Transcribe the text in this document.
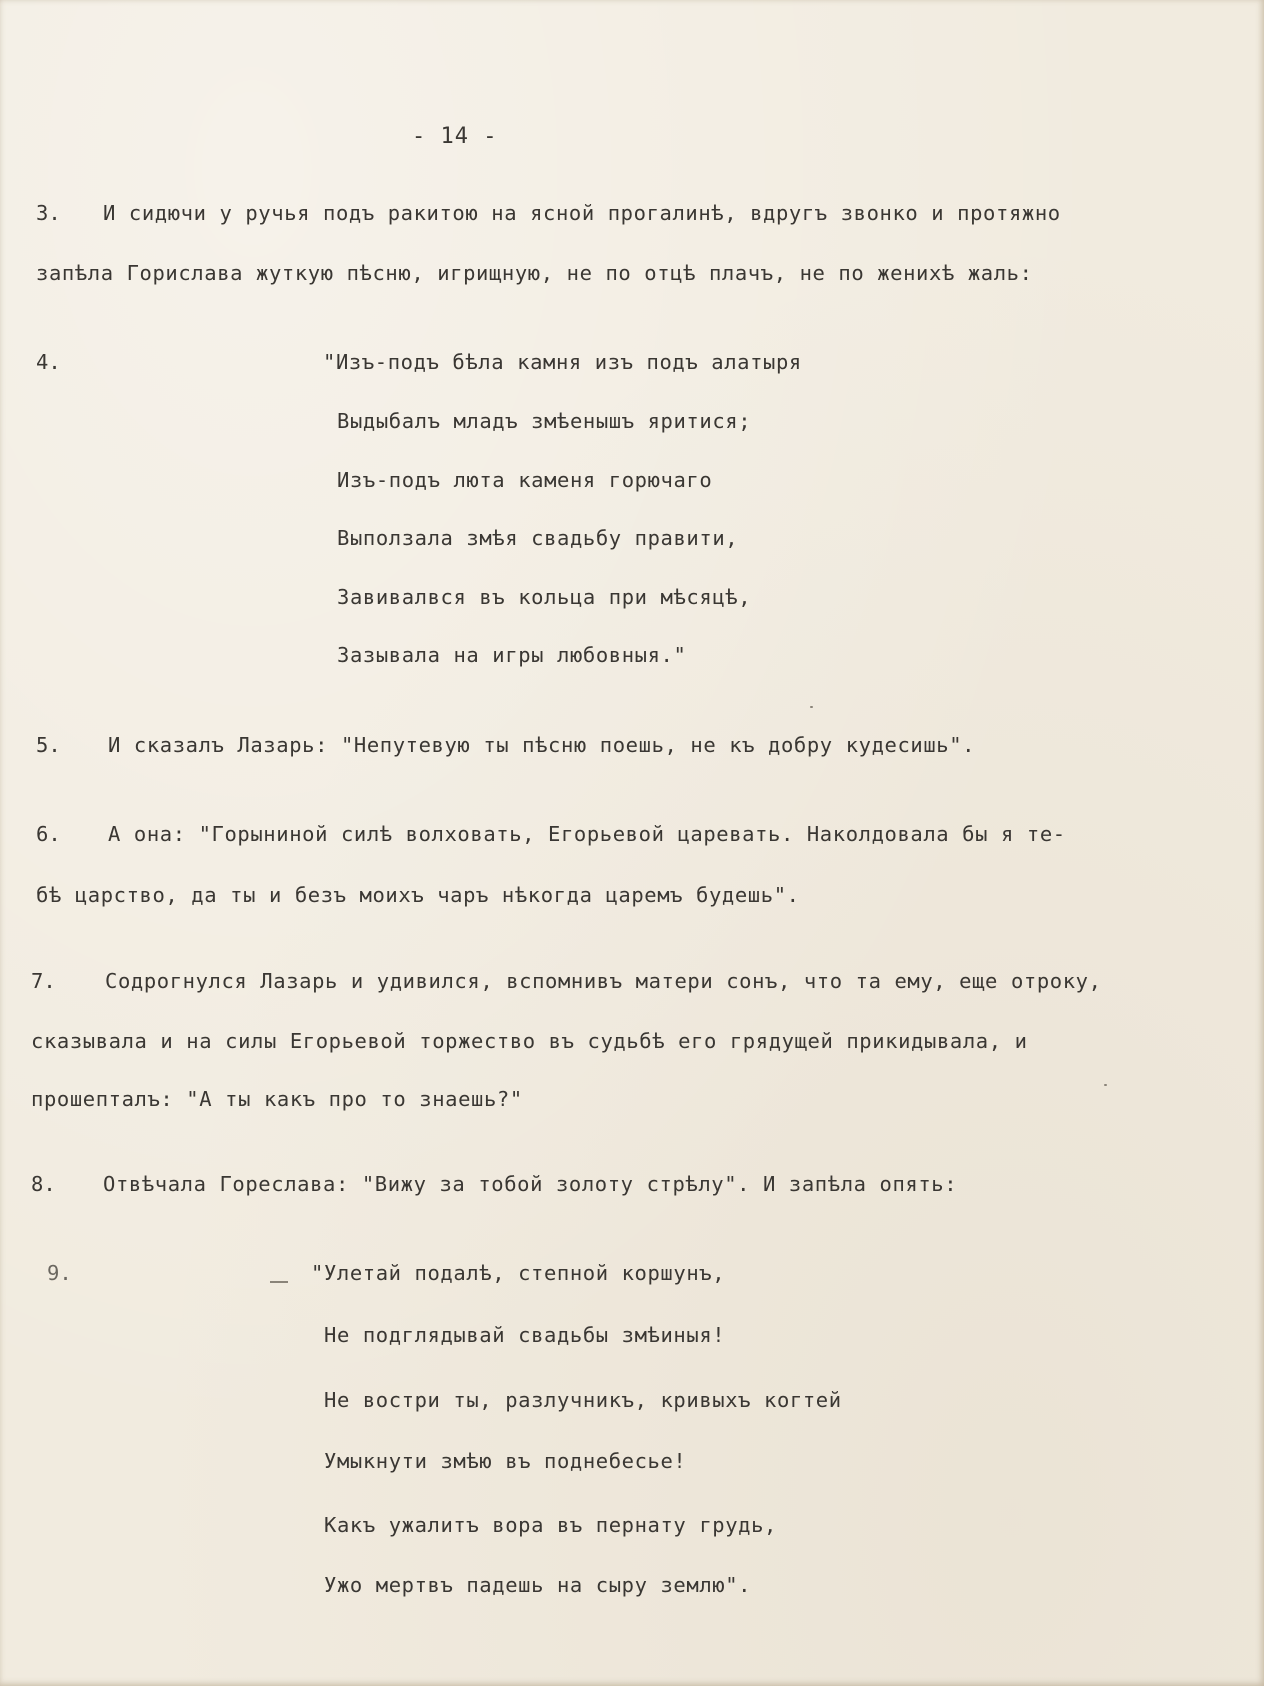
- 14 -
3. И сидючи у ручья подъ ракитою на ясной прогалинѣ, вдругъ звонко и протяжно
запѣла Горислава жуткую пѣсню, игрищную, не по отцѣ плачъ, не по женихѣ жаль:
4.	"Изъ-подъ бѣла камня изъ подъ алатыря
Выдыбалъ младъ змѣенышъ яритися;
Изъ-подъ люта каменя горючаго
Выползала змѣя свадьбу правити,
Завивалвся въ кольца при мѣсяцѣ,
Зазывала на игры любовныя."
5. И сказалъ Лазарь: "Непутевую ты пѣсню поешь, не къ добру кудесишь".
6. А она: "Горыниной силѣ волховать, Егорьевой царевать. Наколдовала бы я те-
бѣ царство, да ты и безъ моихъ чаръ нѣкогда царемъ будешь".
7. Содрогнулся Лазарь и удивился, вспомнивъ матери сонъ, что та ему, еще отроку,
сказывала и на силы Егорьевой торжество въ судьбѣ его грядущей прикидывала, и
прошепталъ: "А ты какъ про то знаешь?"
8. Отвѣчала Горeслава: "Вижу за тобой золоту стрѣлу". И запѣла опять:
9.	"Улетай подалѣ, степной коршунъ,
Не подглядывай свадьбы змѣиныя!
Не востри ты, разлучникъ, кривыхъ когтей
Умыкнути змѣю въ поднебесье!
Какъ ужалитъ вора въ пернату грудь,
Ужо мертвъ падешь на сыру землю".
